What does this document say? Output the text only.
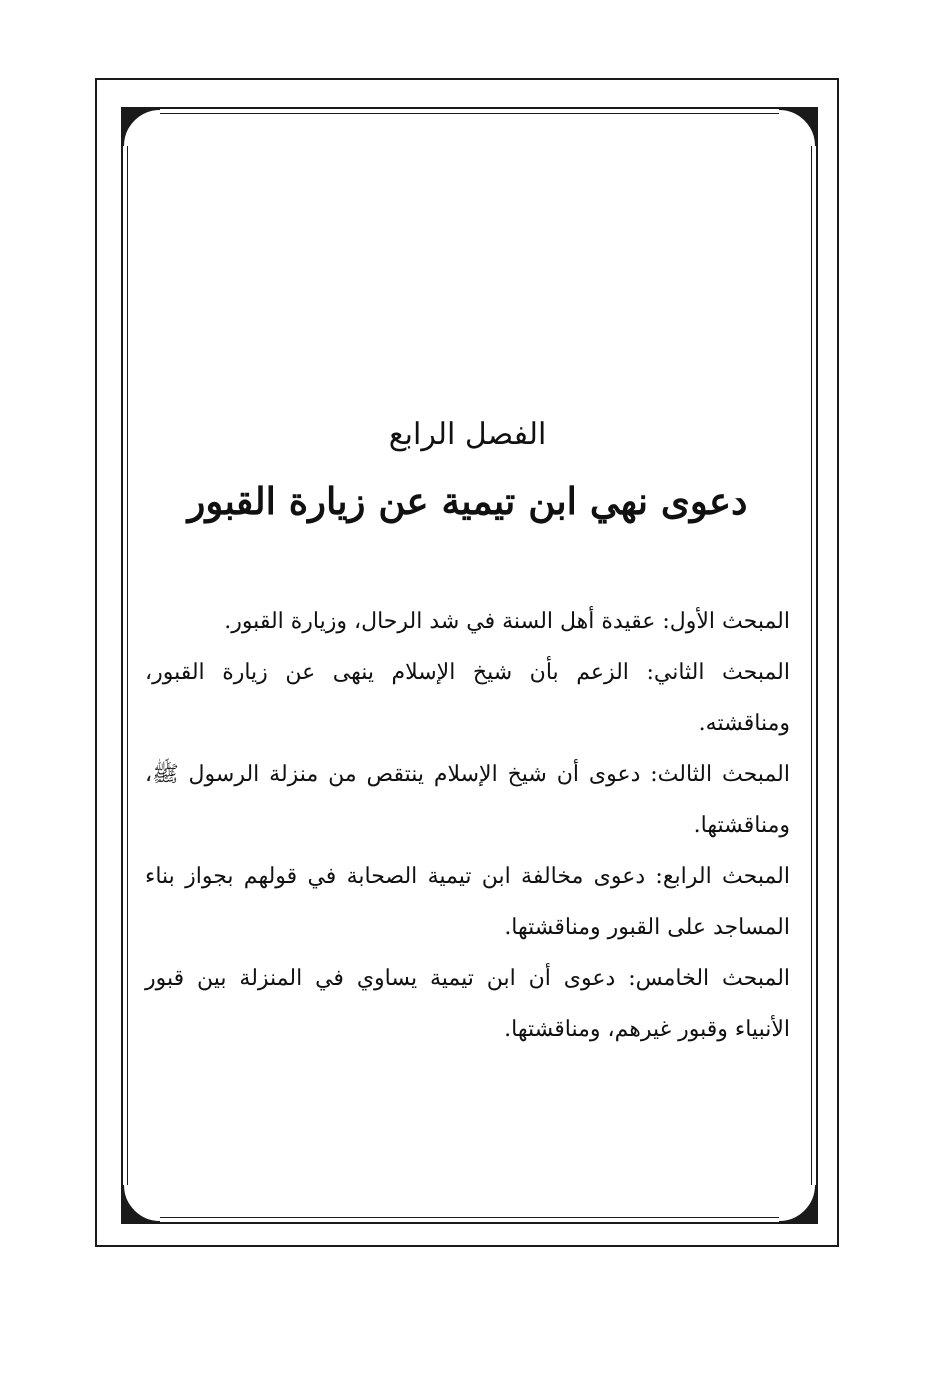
الفصل الرابع
دعوى نهي ابن تيمية عن زيارة القبور
المبحث الأول: عقيدة أهل السنة في شد الرحال، وزيارة القبور.
المبحث الثاني: الزعم بأن شيخ الإسلام ينهى عن زيارة القبور، ومناقشته.
المبحث الثالث: دعوى أن شيخ الإسلام ينتقص من منزلة الرسول ﷺ، ومناقشتها.
المبحث الرابع: دعوى مخالفة ابن تيمية الصحابة في قولهم بجواز بناء المساجد على القبور ومناقشتها.
المبحث الخامس: دعوى أن ابن تيمية يساوي في المنزلة بين قبور الأنبياء وقبور غيرهم، ومناقشتها.
